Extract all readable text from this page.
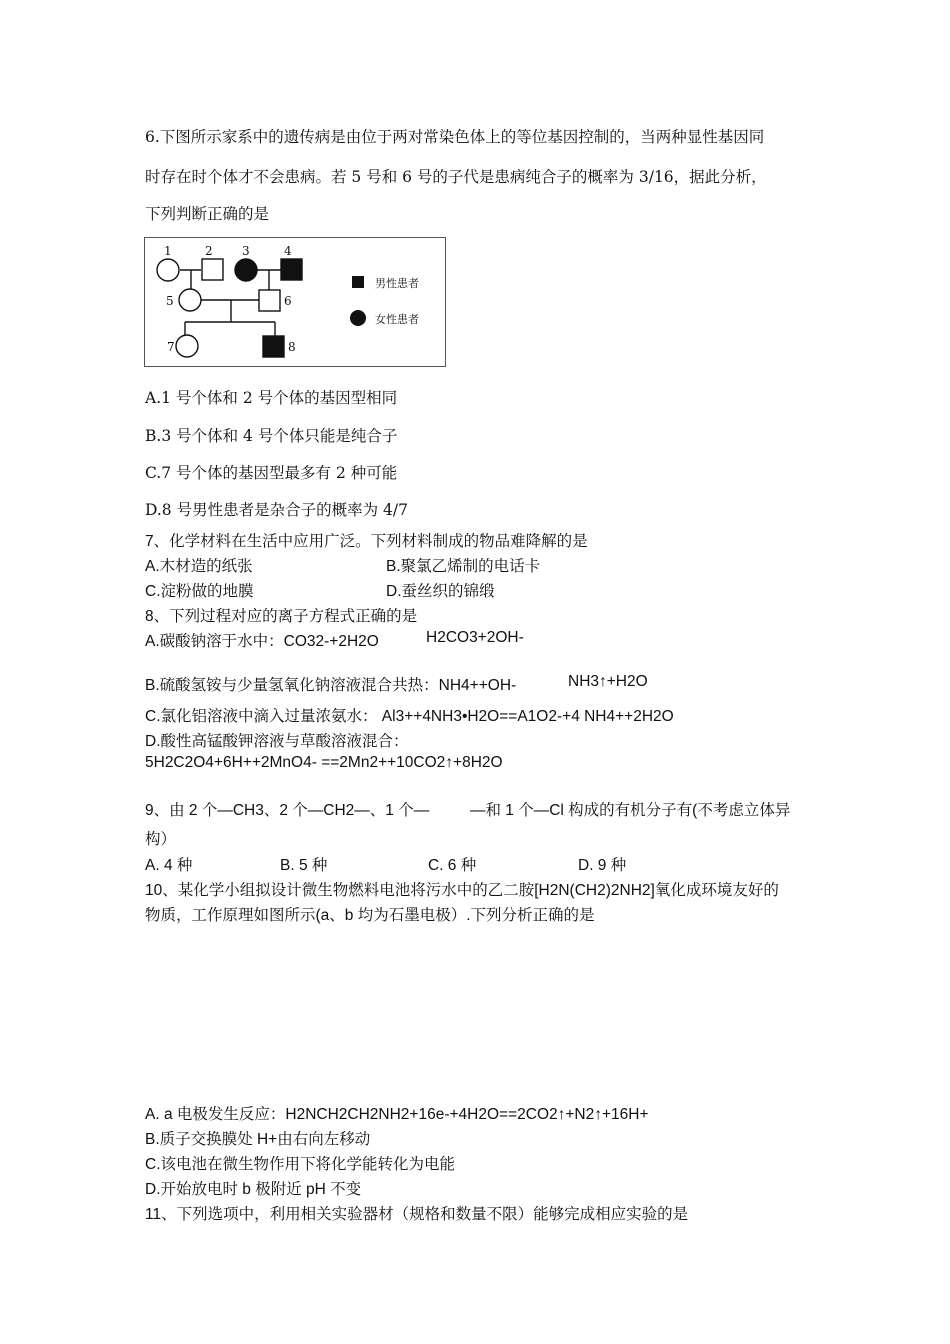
6.下图所示家系中的遗传病是由位于两对常染色体上的等位基因控制的，当两种显性基因同
时存在时个体才不会患病。若 5 号和 6 号的子代是患病纯合子的概率为 3/16，据此分析，
下列判断正确的是
1	2 3	4
5	6
7	8
男性患者
女性患者
A.1 号个体和 2 号个体的基因型相同
B.3 号个体和 4 号个体只能是纯合子
C.7 号个体的基因型最多有 2 种可能
D.8 号男性患者是杂合子的概率为 4/7
7、化学材料在生活中应用广泛。下列材料制成的物品难降解的是
A.木材造的纸张	B.聚氯乙烯制的电话卡
C.淀粉做的地膜	D.蚕丝织的锦缎
8、下列过程对应的离子方程式正确的是
A.碳酸钠溶于水中：CO32-+2H2O	H2CO3+2OH-
B.硫酸氢铵与少量氢氧化钠溶液混合共热：NH4++OH-	NH3↑+H2O
C.氯化铝溶液中滴入过量浓氨水： Al3++4NH3•H2O==A1O2-+4 NH4++2H2O
D.酸性高锰酸钾溶液与草酸溶液混合：
5H2C2O4+6H++2MnO4- ==2Mn2++10CO2↑+8H2O
9、由 2 个—CH3、2 个—CH2—、1 个—	—和 1 个—Cl 构成的有机分子有(不考虑立体异
构）
A. 4 种	B. 5 种	C. 6 种	D. 9 种
10、某化学小组拟设计微生物燃料电池将污水中的乙二胺[H2N(CH2)2NH2]氧化成环境友好的
物质，工作原理如图所示(a、b 均为石墨电极）.下列分析正确的是
A. a 电极发生反应：H2NCH2CH2NH2+16e-+4H2O==2CO2↑+N2↑+16H+
B.质子交换膜处 H+由右向左移动
C.该电池在微生物作用下将化学能转化为电能
D.开始放电时 b 极附近 pH 不变
11、下列选项中，利用相关实验器材（规格和数量不限）能够完成相应实验的是
